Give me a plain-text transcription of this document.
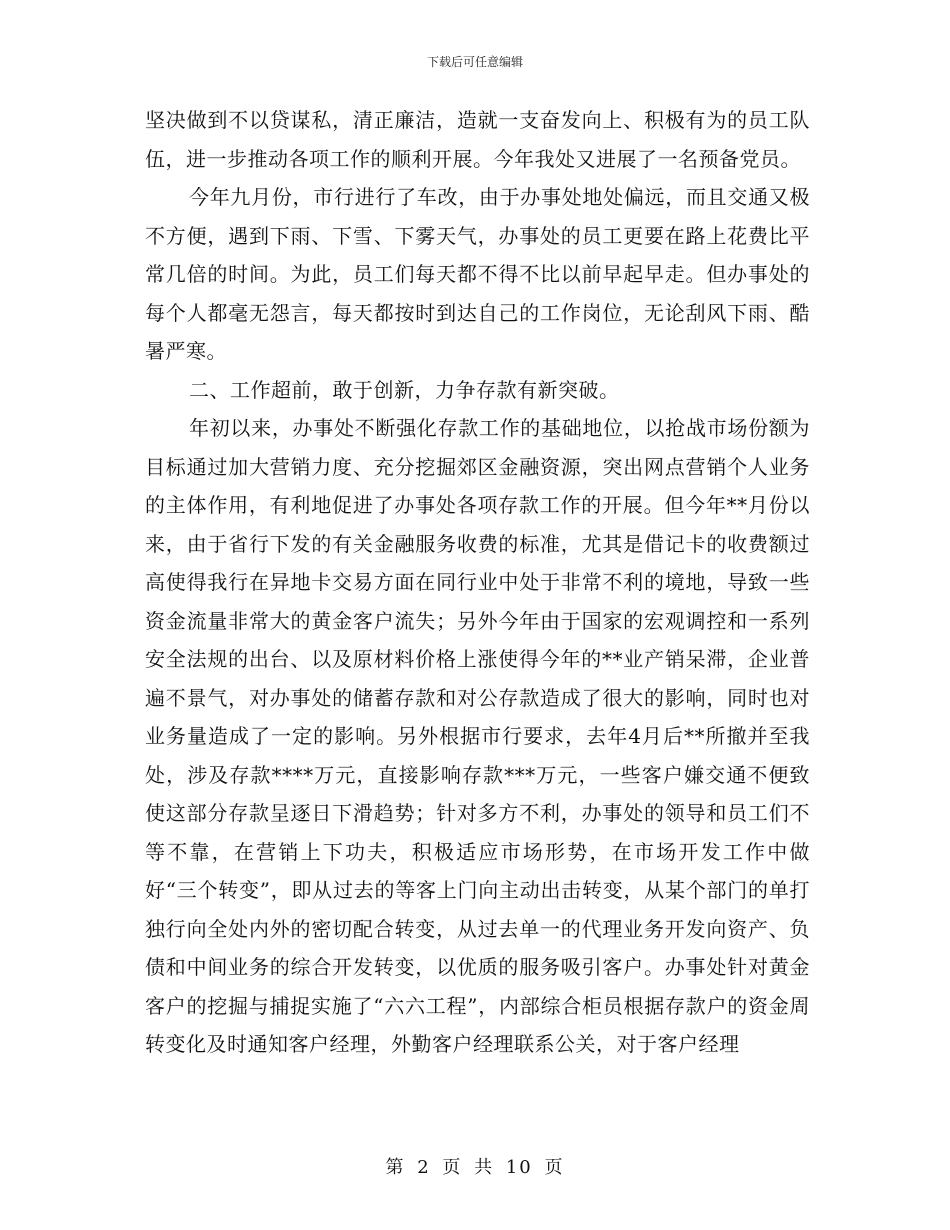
下载后可任意编辑

坚决做到不以贷谋私，清正廉洁，造就一支奋发向上、积极有为的员工队伍，进一步推动各项工作的顺利开展。今年我处又进展了一名预备党员。

今年九月份，市行进行了车改，由于办事处地处偏远，而且交通又极不方便，遇到下雨、下雪、下雾天气，办事处的员工更要在路上花费比平常几倍的时间。为此，员工们每天都不得不比以前早起早走。但办事处的每个人都毫无怨言，每天都按时到达自己的工作岗位，无论刮风下雨、酷暑严寒。

二、工作超前，敢于创新，力争存款有新突破。

年初以来，办事处不断强化存款工作的基础地位，以抢战市场份额为目标通过加大营销力度、充分挖掘郊区金融资源，突出网点营销个人业务的主体作用，有利地促进了办事处各项存款工作的开展。但今年**月份以来，由于省行下发的有关金融服务收费的标准，尤其是借记卡的收费额过高使得我行在异地卡交易方面在同行业中处于非常不利的境地，导致一些资金流量非常大的黄金客户流失；另外今年由于国家的宏观调控和一系列安全法规的出台、以及原材料价格上涨使得今年的**业产销呆滞，企业普遍不景气，对办事处的储蓄存款和对公存款造成了很大的影响，同时也对业务量造成了一定的影响。另外根据市行要求，去年4月后**所撤并至我处，涉及存款****万元，直接影响存款***万元，一些客户嫌交通不便致使这部分存款呈逐日下滑趋势；针对多方不利，办事处的领导和员工们不等不靠，在营销上下功夫，积极适应市场形势，在市场开发工作中做好“三个转变”，即从过去的等客上门向主动出击转变，从某个部门的单打独行向全处内外的密切配合转变，从过去单一的代理业务开发向资产、负债和中间业务的综合开发转变，以优质的服务吸引客户。办事处针对黄金客户的挖掘与捕捉实施了“六六工程”，内部综合柜员根据存款户的资金周转变化及时通知客户经理，外勤客户经理联系公关，对于客户经理

第 2 页 共 10 页
